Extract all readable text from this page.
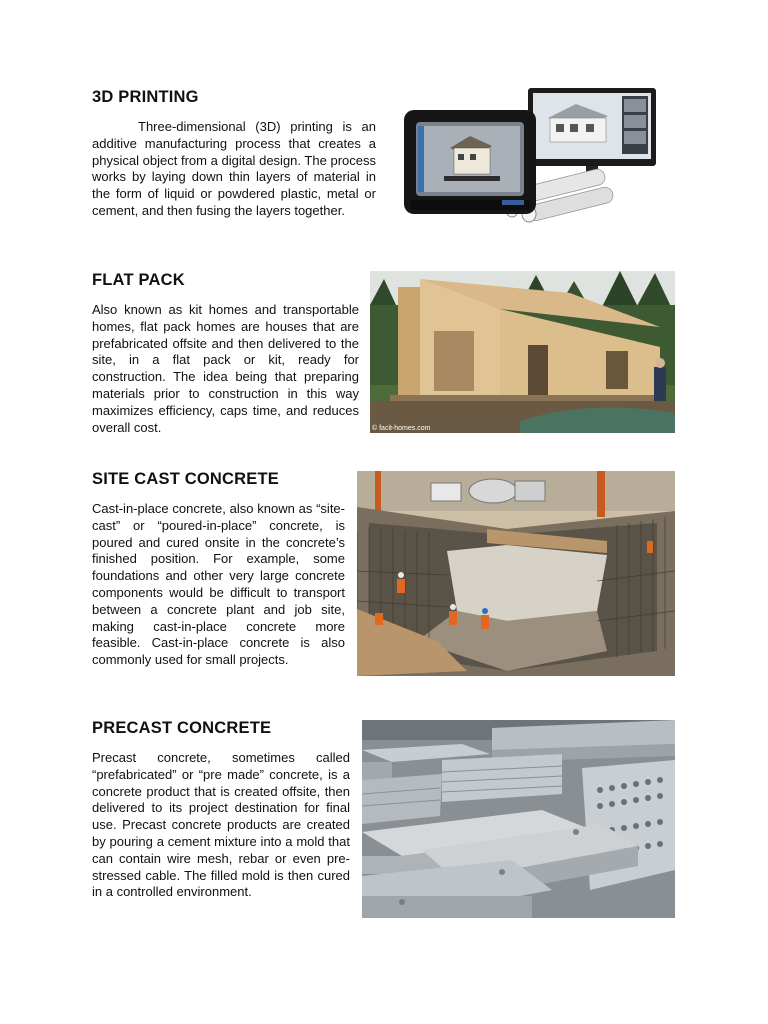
3D PRINTING

Three-dimensional (3D) printing is an additive manufacturing process that creates a physical object from a digital design. The process works by laying down thin layers of material in the form of liquid or powdered plastic, metal or cement, and then fusing the layers together.

FLAT PACK

Also known as kit homes and transportable homes, flat pack homes are houses that are prefabricated offsite and then delivered to the site, in a flat pack or kit, ready for construction. The idea being that preparing materials prior to construction in this way maximizes efficiency, caps time, and reduces overall cost.	© facit-homes.com
SITE CAST CONCRETE

Cast-in-place concrete, also known as “site-cast” or “poured-in-place” concrete, is poured and cured onsite in the concrete’s finished position. For example, some foundations and other very large concrete components would be difficult to transport between a concrete plant and job site, making cast-in-place concrete more feasible. Cast-in-place concrete is also commonly used for small projects.

PRECAST CONCRETE

Precast concrete, sometimes called “prefabricated” or “pre made” concrete, is a concrete product that is created offsite, then delivered to its project destination for final use. Precast concrete products are created by pouring a cement mixture into a mold that can contain wire mesh, rebar or even pre-stressed cable. The filled mold is then cured in a controlled environment.
